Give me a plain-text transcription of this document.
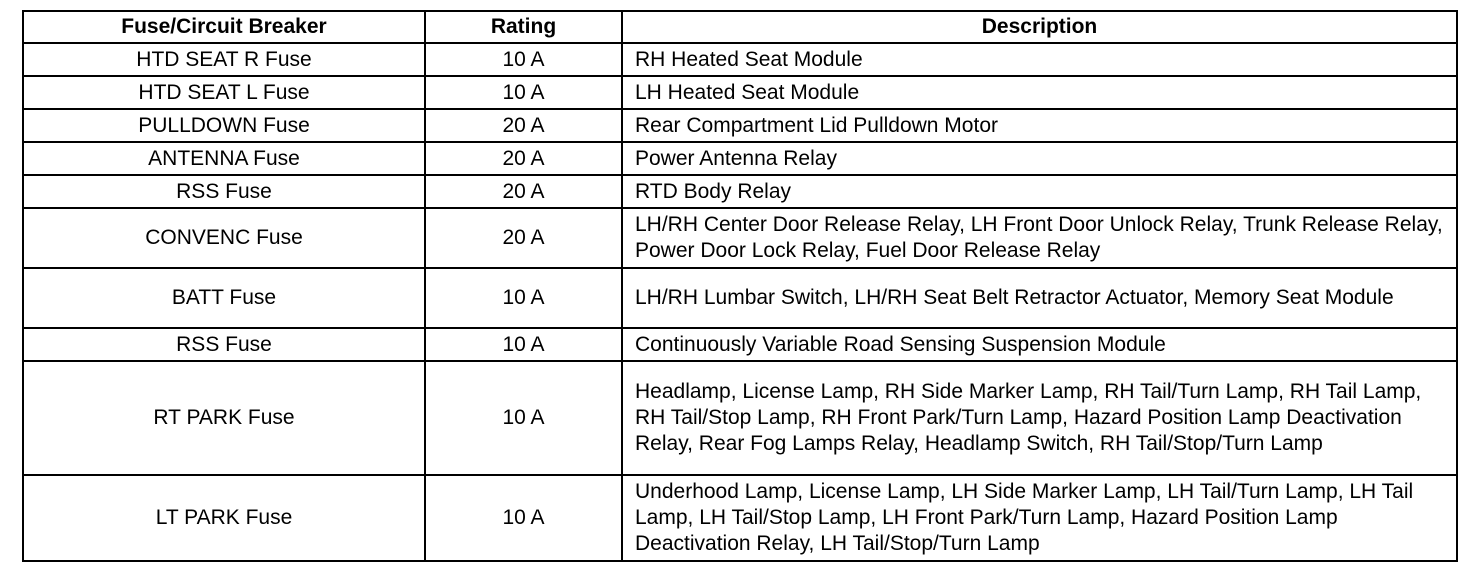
Fuse/Circuit Breaker	Rating	Description
HTD SEAT R Fuse	10 A	RH Heated Seat Module
HTD SEAT L Fuse	10 A	LH Heated Seat Module
PULLDOWN Fuse	20 A	Rear Compartment Lid Pulldown Motor
ANTENNA Fuse	20 A	Power Antenna Relay
RSS Fuse	20 A	RTD Body Relay
CONVENC Fuse	20 A	LH/RH Center Door Release Relay, LH Front Door Unlock Relay, Trunk Release Relay, Power Door Lock Relay, Fuel Door Release Relay
BATT Fuse	10 A	LH/RH Lumbar Switch, LH/RH Seat Belt Retractor Actuator, Memory Seat Module
RSS Fuse	10 A	Continuously Variable Road Sensing Suspension Module
RT PARK Fuse	10 A	Headlamp, License Lamp, RH Side Marker Lamp, RH Tail/Turn Lamp, RH Tail Lamp, RH Tail/Stop Lamp, RH Front Park/Turn Lamp, Hazard Position Lamp Deactivation Relay, Rear Fog Lamps Relay, Headlamp Switch, RH Tail/Stop/Turn Lamp
LT PARK Fuse	10 A	Underhood Lamp, License Lamp, LH Side Marker Lamp, LH Tail/Turn Lamp, LH Tail Lamp, LH Tail/Stop Lamp, LH Front Park/Turn Lamp, Hazard Position Lamp Deactivation Relay, LH Tail/Stop/Turn Lamp
